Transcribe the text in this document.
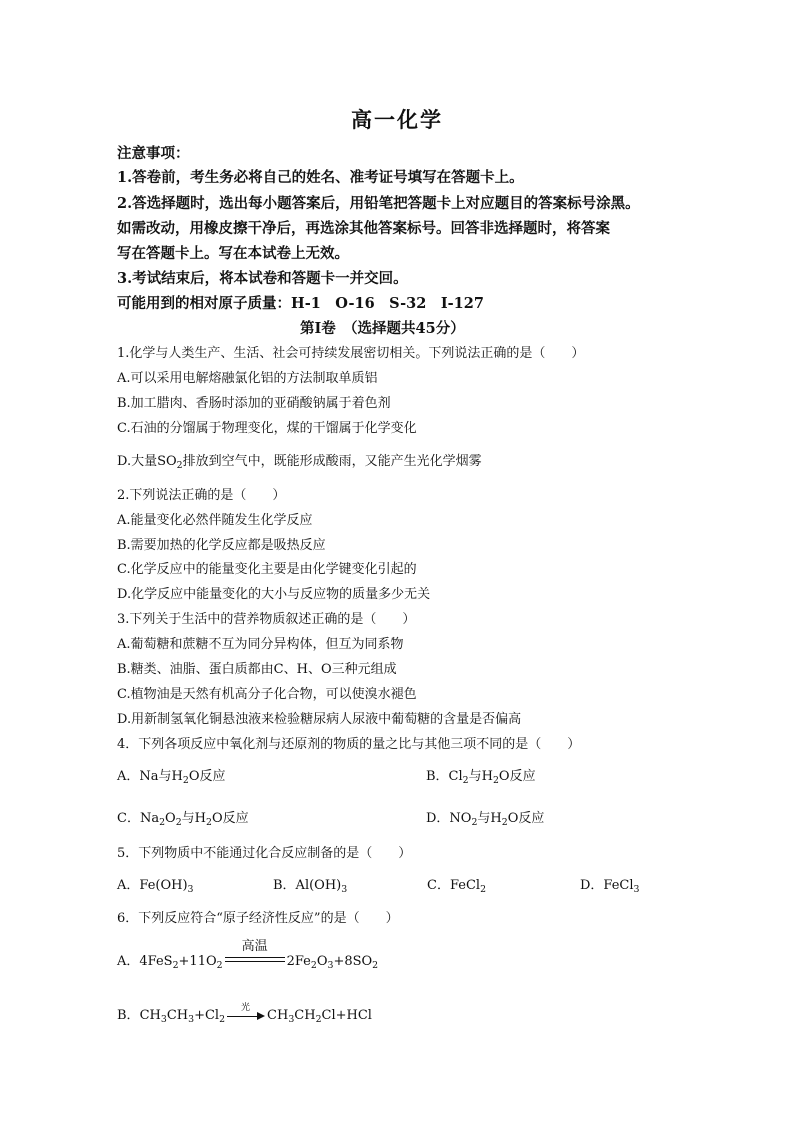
高一化学
注意事项：
1.答卷前，考生务必将自己的姓名、准考证号填写在答题卡上。
2.答选择题时，选出每小题答案后，用铅笔把答题卡上对应题目的答案标号涂黑。
如需改动，用橡皮擦干净后，再选涂其他答案标号。回答非选择题时，将答案
写在答题卡上。写在本试卷上无效。
3.考试结束后，将本试卷和答题卡一并交回。
可能用到的相对原子质量：H-1　O-16　S-32　I-127
第Ⅰ卷　（选择题共45分）
1.化学与人类生产、生活、社会可持续发展密切相关。下列说法正确的是（　　）
A.可以采用电解熔融氯化铝的方法制取单质铝
B.加工腊肉、香肠时添加的亚硝酸钠属于着色剂
C.石油的分馏属于物理变化，煤的干馏属于化学变化
D.大量$SO_2$排放到空气中，既能形成酸雨，又能产生光化学烟雾
2.下列说法正确的是（　　）
A.能量变化必然伴随发生化学反应
B.需要加热的化学反应都是吸热反应
C.化学反应中的能量变化主要是由化学键变化引起的
D.化学反应中能量变化的大小与反应物的质量多少无关
3.下列关于生活中的营养物质叙述正确的是（　　）
A.葡萄糖和蔗糖不互为同分异构体，但互为同系物
B.糖类、油脂、蛋白质都由C、H、O三种元组成
C.植物油是天然有机高分子化合物，可以使溴水褪色
D.用新制氢氧化铜悬浊液来检验糖尿病人尿液中葡萄糖的含量是否偏高
4．下列各项反应中氧化剂与还原剂的物质的量之比与其他三项不同的是（　　）
A．Na与$H_2O$反应	B．$Cl_2$与$H_2O$反应
C．$Na_2O_2$与$H_2O$反应	D．$NO_2$与$H_2O$反应
5．下列物质中不能通过化合反应制备的是（　　）
A．$Fe(OH)_3$	B．$Al(OH)_3$	C．FeCl$_2$	D．FeCl$_3$
6．下列反应符合“原子经济性反应”的是（　　）
A．$4FeS_2+11O_2$
高温
$2Fe_2O_3+8SO_2$
B．$CH_3CH_3+Cl_2$
光
$CH_3CH_2Cl+HCl$
